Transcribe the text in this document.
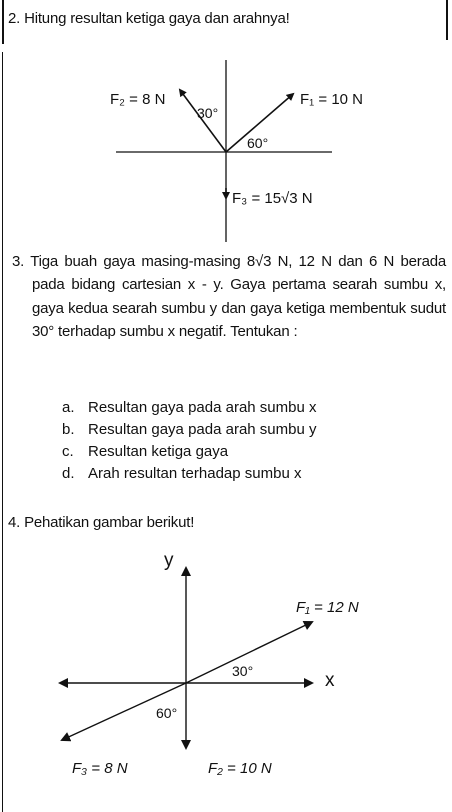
2. Hitung resultan ketiga gaya dan arahnya!
F₂ = 8 N	F₁ = 10 N
30°
60°
F₃ = 15√3 N
3. Tiga buah gaya masing-masing 8√3 N, 12 N dan 6 N berada pada bidang cartesian x - y. Gaya pertama searah sumbu x, gaya kedua searah sumbu y dan gaya ketiga membentuk sudut 30° terhadap sumbu x negatif. Tentukan :
a. Resultan gaya pada arah sumbu x
b. Resultan gaya pada arah sumbu y
c. Resultan ketiga gaya
d. Arah resultan terhadap sumbu x
4. Pehatikan gambar berikut!
y
x
F₁ = 12 N
30°
60°
F₃ = 8 N	F₂ = 10 N
